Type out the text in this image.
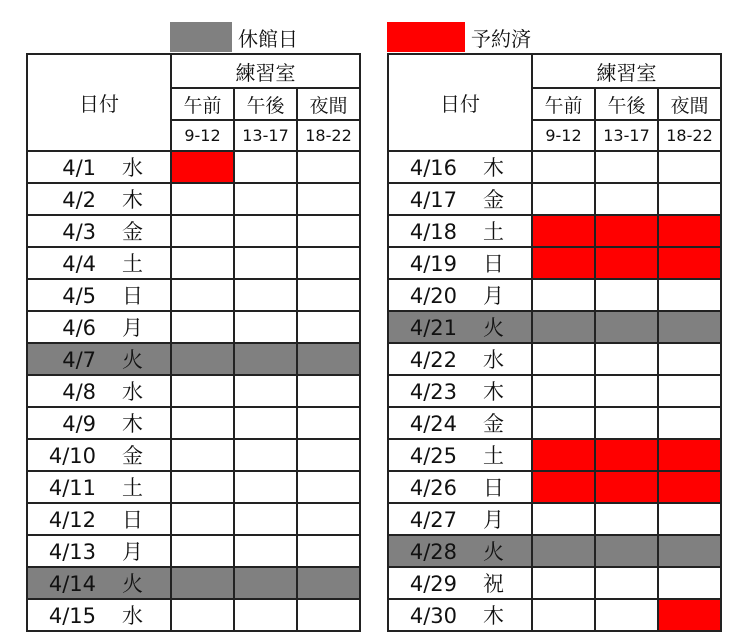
休館日	予約済
日付	練習室		
	午前	午後	夜間
	9-12	13-17	18-22
4/1 水			
4/2 木			
4/3 金			
4/4 土			
4/5 日			
4/6 月			
4/7 火			
4/8 水			
4/9 木			
4/10 金			
4/11 土			
4/12 日			
4/13 月			
4/14 火			
4/15 水			
日付	練習室		
	午前	午後	夜間
	9-12	13-17	18-22
4/16 木			
4/17 金			
4/18 土			
4/19 日			
4/20 月			
4/21 火			
4/22 水			
4/23 木			
4/24 金			
4/25 土			
4/26 日			
4/27 月			
4/28 火			
4/29 祝			
4/30 木			
